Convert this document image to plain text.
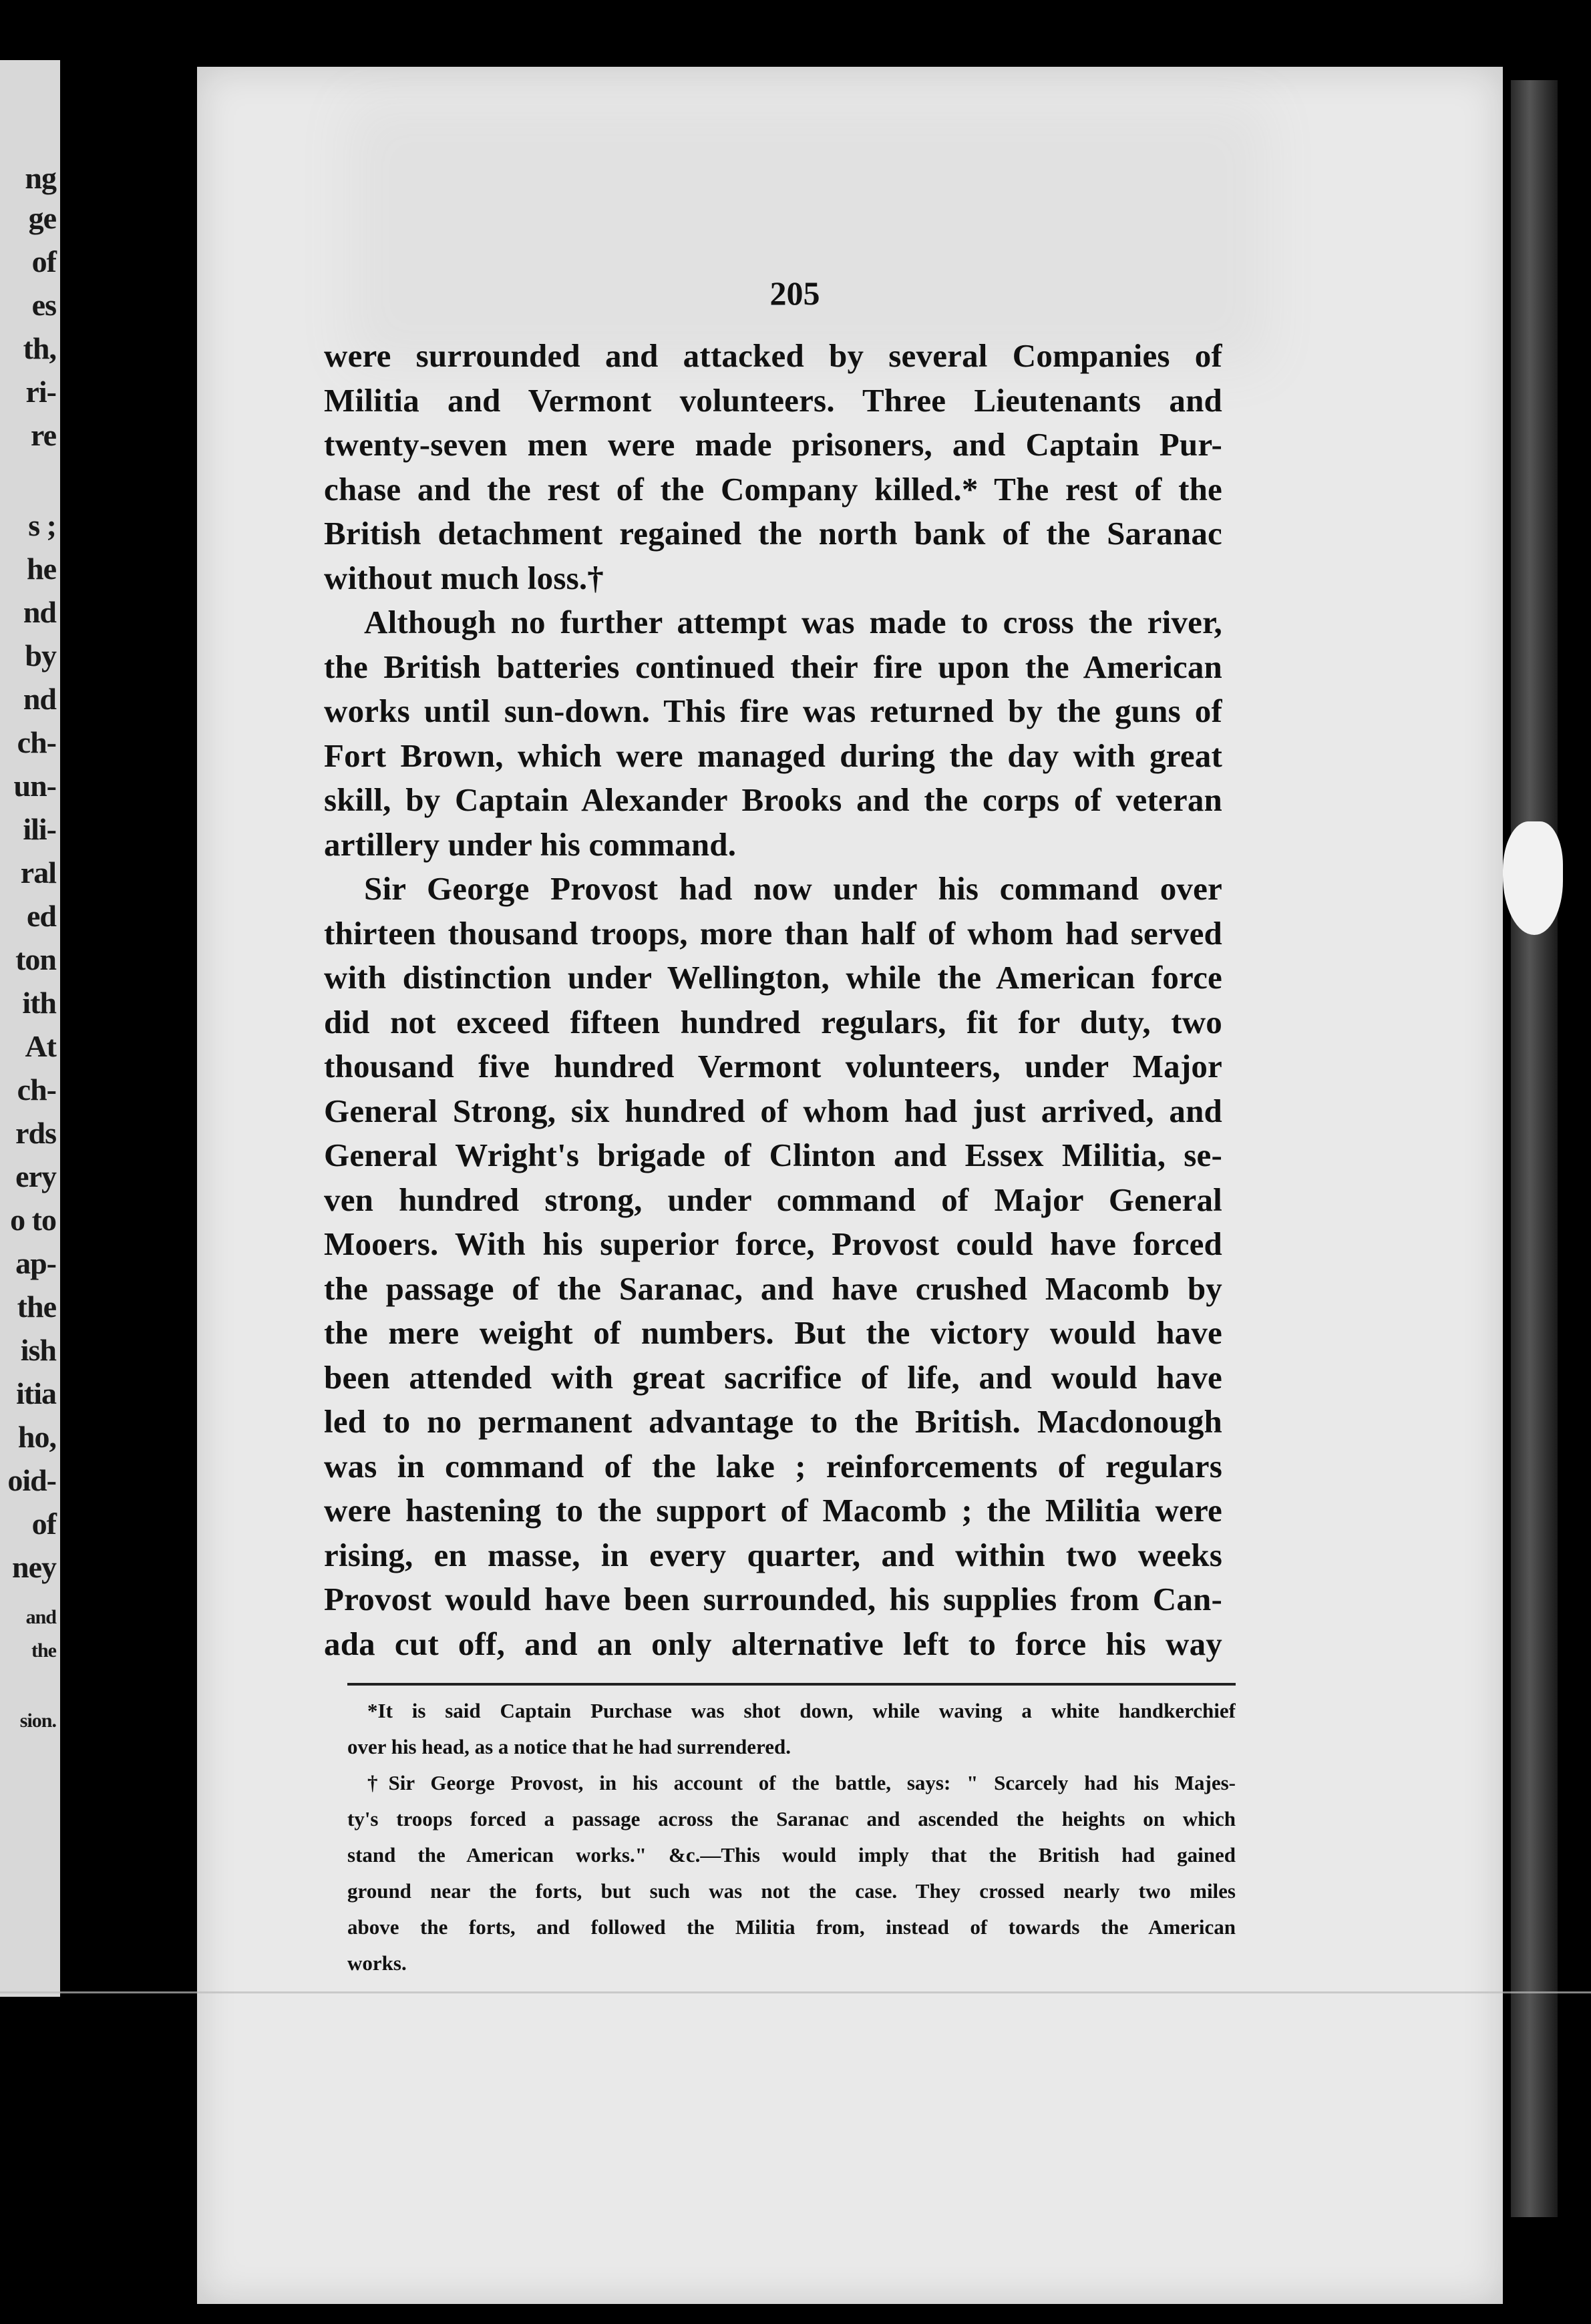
ng
ge
of
es
th,
ri-
re
s ;
he
nd
by
nd
ch-
un-
ili-
ral
ed
ton
ith
At
ch-
rds
ery
o to
ap-
the
ish
itia
ho,
oid-
of
ney
and
the
sion.
205
were surrounded and attacked by several Companies of
Militia and Vermont volunteers. Three Lieutenants and
twenty-seven men were made prisoners, and Captain Pur-
chase and the rest of the Company killed.* The rest of the
British detachment regained the north bank of the Saranac
without much loss.†
Although no further attempt was made to cross the river,
the British batteries continued their fire upon the American
works until sun-down. This fire was returned by the guns of
Fort Brown, which were managed during the day with great
skill, by Captain Alexander Brooks and the corps of veteran
artillery under his command.
Sir George Provost had now under his command over
thirteen thousand troops, more than half of whom had served
with distinction under Wellington, while the American force
did not exceed fifteen hundred regulars, fit for duty, two
thousand five hundred Vermont volunteers, under Major
General Strong, six hundred of whom had just arrived, and
General Wright's brigade of Clinton and Essex Militia, se-
ven hundred strong, under command of Major General
Mooers. With his superior force, Provost could have forced
the passage of the Saranac, and have crushed Macomb by
the mere weight of numbers. But the victory would have
been attended with great sacrifice of life, and would have
led to no permanent advantage to the British. Macdonough
was in command of the lake ; reinforcements of regulars
were hastening to the support of Macomb ; the Militia were
rising, en masse, in every quarter, and within two weeks
Provost would have been surrounded, his supplies from Can-
ada cut off, and an only alternative left to force his way
*It is said Captain Purchase was shot down, while waving a white handkerchief
over his head, as a notice that he had surrendered.
†Sir George Provost, in his account of the battle, says: " Scarcely had his Majes-
ty's troops forced a passage across the Saranac and ascended the heights on which
stand the American works." &c.—This would imply that the British had gained
ground near the forts, but such was not the case. They crossed nearly two miles
above the forts, and followed the Militia from, instead of towards the American
works.
